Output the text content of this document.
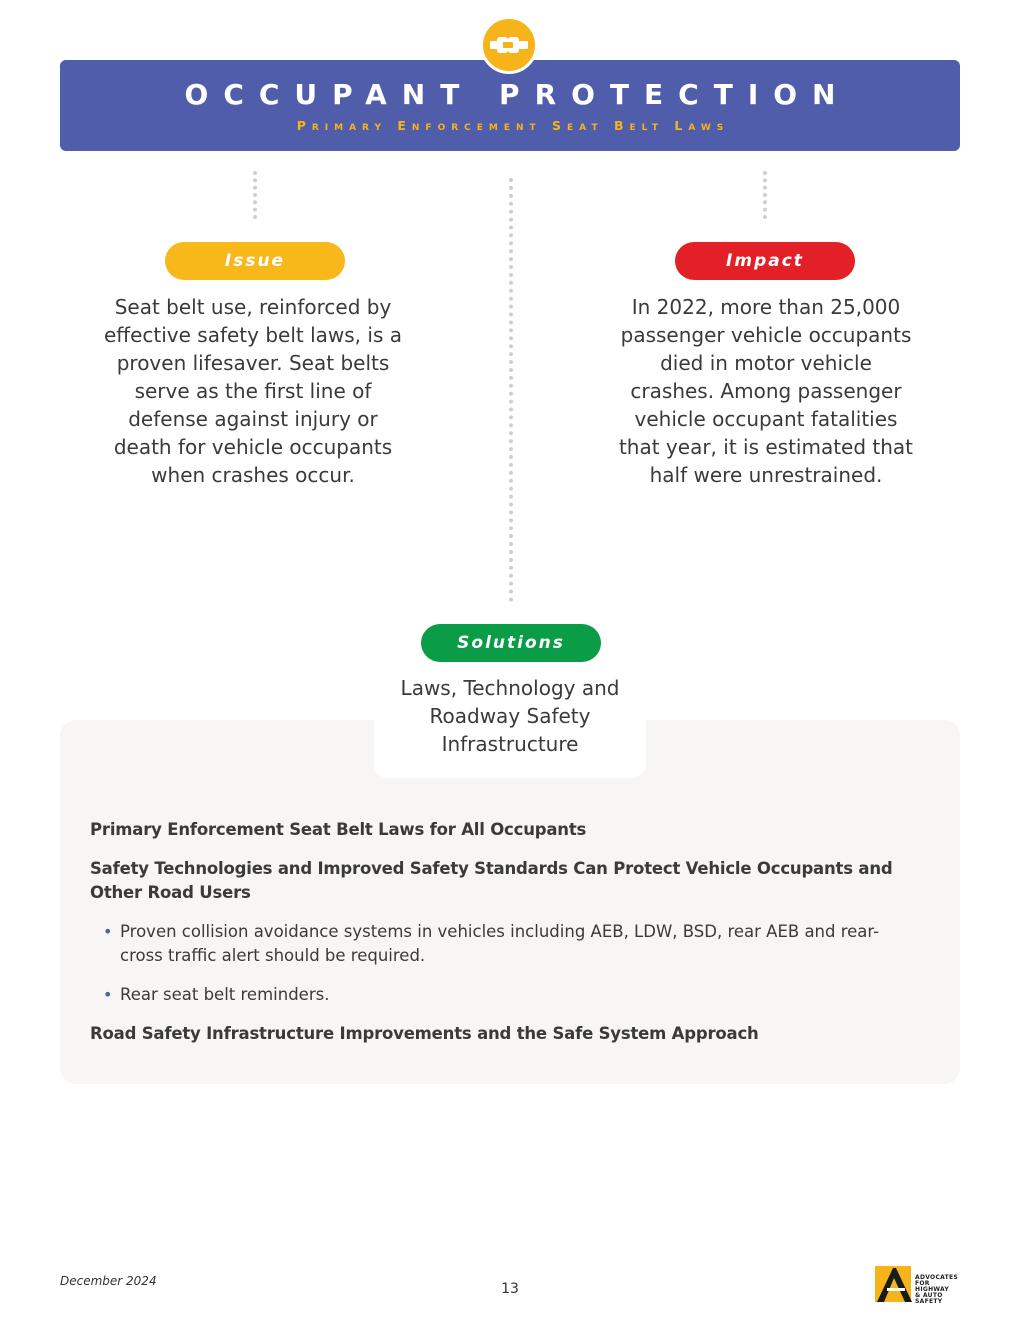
OCCUPANT PROTECTION
Primary Enforcement Seat Belt Laws
Issue
Seat belt use, reinforced by effective safety belt laws, is a proven lifesaver. Seat belts serve as the first line of defense against injury or death for vehicle occupants when crashes occur.
Impact
In 2022, more than 25,000 passenger vehicle occupants died in motor vehicle crashes. Among passenger vehicle occupant fatalities that year, it is estimated that half were unrestrained.
Solutions
Laws, Technology and Roadway Safety Infrastructure
Primary Enforcement Seat Belt Laws for All Occupants
Safety Technologies and Improved Safety Standards Can Protect Vehicle Occupants and Other Road Users
• Proven collision avoidance systems in vehicles including AEB, LDW, BSD, rear AEB and rear-cross traffic alert should be required.
• Rear seat belt reminders.
Road Safety Infrastructure Improvements and the Safe System Approach
December 2024	13
ADVOCATES
FOR HIGHWAY
& AUTO SAFETY
